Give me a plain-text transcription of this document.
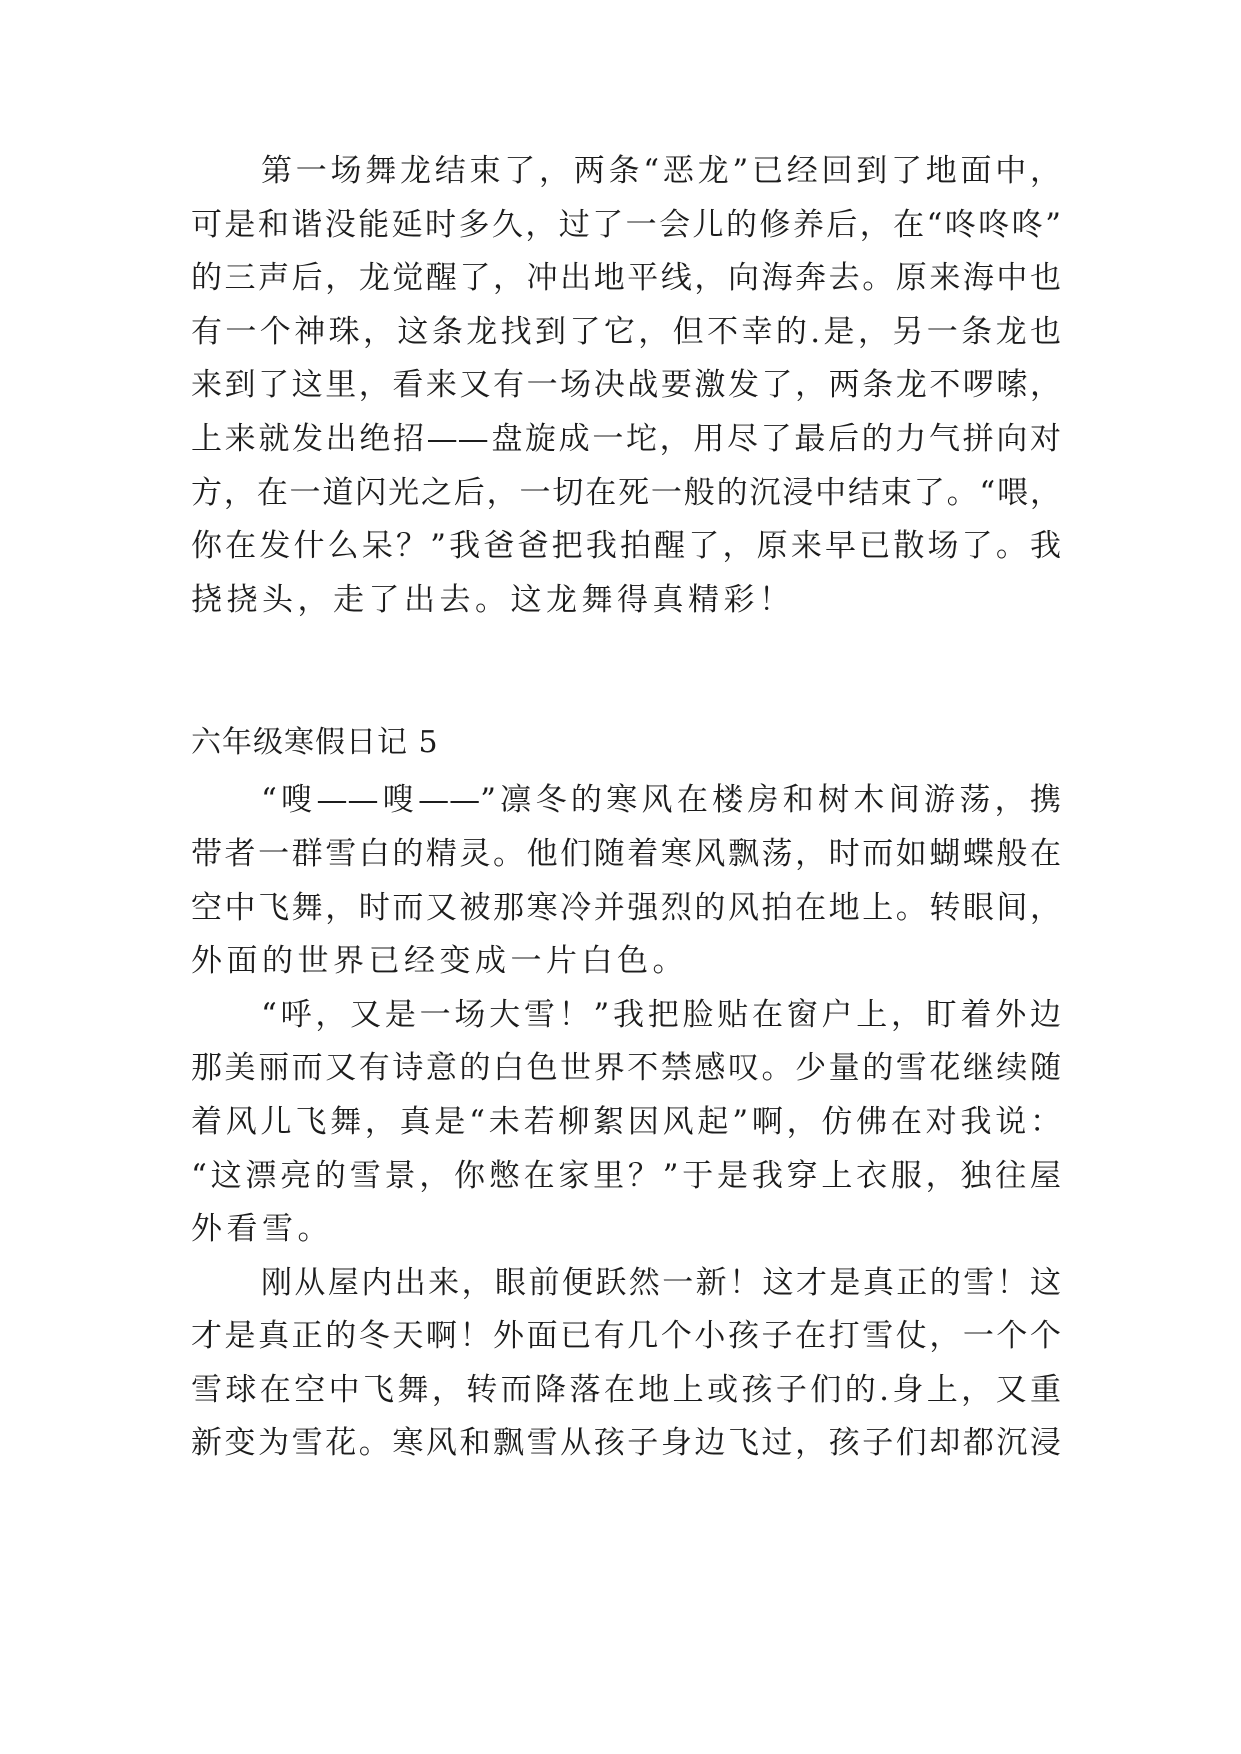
第一场舞龙结束了，两条“恶龙”已经回到了地面中，
可是和谐没能延时多久，过了一会儿的修养后，在“咚咚咚”
的三声后，龙觉醒了，冲出地平线，向海奔去。原来海中也
有一个神珠，这条龙找到了它，但不幸的.是，另一条龙也
来到了这里，看来又有一场决战要激发了，两条龙不啰嗦，
上来就发出绝招——盘旋成一坨，用尽了最后的力气拼向对
方，在一道闪光之后，一切在死一般的沉浸中结束了。“喂，
你在发什么呆？”我爸爸把我拍醒了，原来早已散场了。我
挠挠头，走了出去。这龙舞得真精彩！
六年级寒假日记 5
“嗖——嗖——”凛冬的寒风在楼房和树木间游荡，携
带者一群雪白的精灵。他们随着寒风飘荡，时而如蝴蝶般在
空中飞舞，时而又被那寒冷并强烈的风拍在地上。转眼间，
外面的世界已经变成一片白色。
“呼，又是一场大雪！”我把脸贴在窗户上，盯着外边
那美丽而又有诗意的白色世界不禁感叹。少量的雪花继续随
着风儿飞舞，真是“未若柳絮因风起”啊，仿佛在对我说：
“这漂亮的雪景，你憋在家里？”于是我穿上衣服，独往屋
外看雪。
刚从屋内出来，眼前便跃然一新！这才是真正的雪！这
才是真正的冬天啊！外面已有几个小孩子在打雪仗，一个个
雪球在空中飞舞，转而降落在地上或孩子们的.身上，又重
新变为雪花。寒风和飘雪从孩子身边飞过，孩子们却都沉浸
